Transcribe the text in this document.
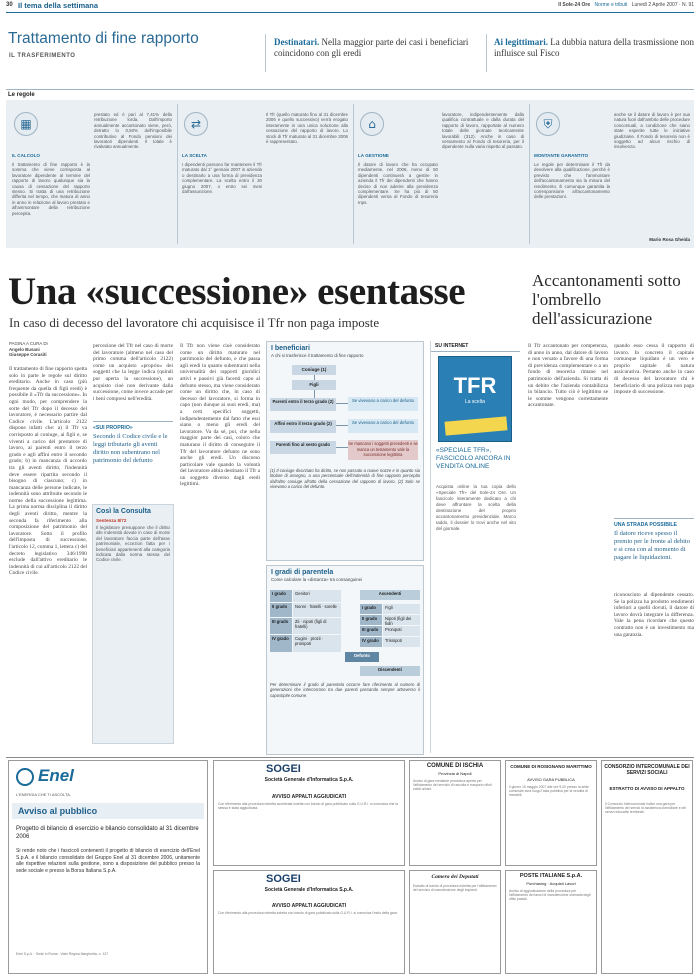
30 Il tema della settimana	Il Sole-24 Ore Norme e tributi Lunedì 2 Aprile 2007 · N. 91
Trattamento di fine rapporto
IL TRASFERIMENTO
Destinatari. Nella maggior parte dei casi i beneficiari coincidono con gli eredi
Ai legittimari. La dubbia natura della trasmissione non influisce sul Fisco
Le regole
▦
IL CALCOLO
Il trattamento di fine rapporto è la somma che viene corrisposta al lavoratore dipendente al termine del rapporto di lavoro qualunque sia la causa di cessazione del rapporto stesso. Si tratta di una retribuzione differita nel tempo, che matura di anno in anno in relazione al lavoro prestato e all'ammontare della retribuzione percepita.
prestato ed è pari al 7,41% della retribuzione lorda. Dall'importo annualmente accantonato viene, però, detratto lo 0,50% dell'imponibile contributivo al Fondo pensioni dei lavoratori dipendenti. Il totale è rivalutato annualmente.
⇄
LA SCELTA
I dipendenti possono far mantenere il Tfr maturato dal 1° gennaio 2007 in azienda o destinarlo a una forma di previdenza complementare. La scelta entro il 30 giugno 2007, o entro sei mesi dall'assunzione.
Il Tfr (quello maturato fino al 31 dicembre 2006 e quello successivo) verrà erogato interamente in una unica soluzione alla cessazione del rapporto di lavoro. Lo stock di Tfr maturato al 31 dicembre 2006 è rappresentato.
⌂
LA GESTIONE
Il datore di lavoro che ha occupato mediamente, nel 2006, meno di 50 dipendenti continuerà a gestire in azienda il Tfr dei dipendenti che hanno deciso di non aderire alla previdenza complementare. Se ha più di 50 dipendenti versa al Fondo di tesoreria Inps.
lavoratore, indipendentemente dalla qualifica contrattuale e dalla durata del rapporto di lavoro, rapportate al numero totale delle giornate teoricamente lavorabili (312). Anche in caso di versamento al Fondo di tesoreria, per il dipendente nulla varia rispetto al passato.
⛨
MONTANTE GARANTITO
Le regole per determinare il Tfr da devolvere alla qualificazione, perché è previsto che l'ammontare dell'accantonamento sia la misura del rendimento. È comunque garantita la corresponsione all'accantonamento delle prestazioni.
anche se il datore di lavoro è per sua natura fuori dall'ambito delle procedure concorsuali, a condizione che siano state esperite tutte le iniziative giudiziarie. Il Fondo di tesoreria non è soggetto ad alcun rischio di insolvenza.
Mario Rosa Gheida
Una «successione» esentasse
In caso di decesso del lavoratore chi acquisisce il Tfr non paga imposte
Accantonamenti sotto l'ombrello dell'assicurazione
PAGINA A CURA DI
Angelo Busani
Giuseppe Corasiti
Il trattamento di fine rapporto spetta solo in parte le regole sul diritto ereditario. Anche in caso (più frequente da quella di figli eredi) è possibile il «Tfr da successione». In ogni modo, per comprendere la sorte del Tfr dopo il decesso del lavoratore, è necessario partire dal Codice civile. L'articolo 2122 dispone infatti che: a) il Tfr va corrisposto al coniuge, ai figli e, se viventi a carico del prestatore di lavoro, ai parenti entro il terzo grado e agli affini entro il secondo grado; b) in mancanza di accordo tra gli aventi diritto, l'indennità deve essere ripartita secondo il bisogno di ciascuno; c) in mancanza delle persone indicate, le indennità sono attribuite secondo le norme della successione legittima. La prima norma disciplina il diritto degli aventi diritto, mentre la seconda fa riferimento alla composizione del patrimonio del lavoratore. Sotto il profilo dell'imposta di successione, l'articolo 12, comma 1, lettera c) del decreto legislativo 346/1990 esclude dall'attivo ereditario le indennità di cui all'articolo 2122 del Codice civile.
percezione del Tfr nel caso di morte del lavoratore (almeno nel caso del primo comma dell'articolo 2122) come un acquisto «proprio» dei soggetti che la legge indica (quindi pur aperta la successione), un acquisto cioè non derivante dalla successione, come invece accade per i beni compresi nell'eredità.
«SUI PROPRIO»
Secondo il Codice civile e le leggi tributarie gli aventi diritto non subentrano nel patrimonio del defunto
Così la Consulta
Sentenza 8/72
Il legislatore presuppone che il diritto alle indennità dovute in caso di morte del lavoratore faccia parte dell'asse patrimoniale, eccezion fatta per i beneficiari appartenenti alla categoria indicata dalla norma stessa del Codice civile.
Il Tfr non viene cioè considerato come un diritto maturato nel patrimonio del defunto, e che passa agli eredi in quanto subentranti nella universalità dei rapporti giuridici attivi e passivi già facenti capo al defunto stesso, ma viene considerato come un diritto che, in caso di decesso del lavoratore, si forma in capo (non dunque ai suoi eredi, ma) a certi specifici soggetti, indipendentemente dal fatto che essi siano o meno gli eredi del lavoratore. Va da sé, poi, che nella maggior parte dei casi, coloro che maturano il diritto di conseguire il Tfr del lavoratore defunto ne sono anche gli eredi. Un discorso particolare vale quando la volontà del lavoratore abbia destinato il Tfr a un soggetto diverso dagli eredi legittimi.
I beneficiari
A chi si trasferisce il trattamento di fine rapporto
Coniuge (1)
Figli
Parenti entro il terzo grado (2)
Affini entro il terzo grado (2)
Parenti fino al sesto grado
Se vivevano a carico del defunto
Se vivevano a carico del defunto
Se mancano i soggetti precedenti e se manca un testamento vale la successione legittima
(1) Il coniuge divorziato ha diritto, se non passato a nuove nozze e in quanto sia titolare di assegno, a una percentuale dell'indennità di fine rapporto percepita dall'altro coniuge all'atto della cessazione del rapporto di lavoro. (2) Solo se vivevano a carico del defunto.
I gradi di parentela
Come calcolare la «distanza» tra consanguinei
I grado	Genitori
II grado	Nonni · fratelli · sorelle
III grado	Zii · nipoti (figli di fratelli)
IV grado	Cugini · prozii · pronipoti
Ascendenti
I grado	Figli
II grado	Nipoti (figli dei figli)
III grado	Pronipoti
IV grado	Trisnipoti
Defunto
Discendenti
Per determinare il grado di parentela occorre fare riferimento al numero di generazioni che intercorrono tra due parenti passando sempre attraverso il capostipite comune.
SU INTERNET
TFR
La scelta
«SPECIALE TFR», FASCICOLO ANCORA IN VENDITA ONLINE
Acquista online la tua copia dello «Speciale Tfr» del Sole-24 Ore. Un fascicolo interamente dedicato a chi deve affrontare la scelta della destinazione del proprio accantonamento previdenziale. Marco Iaddo, il dossier lo trovi anche nel sito del giornale.
Il Tfr accantonato per competenza, di anno in anno, dal datore di lavoro e non versato a favore di una forma di previdenza complementare o a un fondo di tesoreria rimane nel patrimonio dell'azienda. Si tratta di un debito che l'azienda contabilizza in bilancio. Tutto ciò è legittimo se le somme vengono correttamente accantonate.
quando esso cessa il rapporto di lavoro. In concreto il capitale comunque liquidato è un vero e proprio capitale di natura assicurativa. Pertanto anche in caso di decesso del lavoratore chi è beneficiario di una polizza non paga imposte di successione.
UNA STRADA POSSIBILE
Il datore riceve spesso il premio per le fronte al debito e si crea con al momento di pagare le liquidazioni.
riconosciuto al dipendente cessato. Se la polizza ha prodotto rendimenti inferiori a quelli dovuti, il datore di lavoro dovrà integrare la differenza. Vale la pena ricordare che questo contratto non è un investimento ma una garanzia.
Enel
L'ENERGIA CHE TI ASCOLTA.
Avviso al pubblico
Progetto di bilancio di esercizio e bilancio consolidato al 31 dicembre 2006
Si rende noto che i fascicoli contenenti il progetto di bilancio di esercizio dell'Enel S.p.A. e il bilancio consolidato del Gruppo Enel al 31 dicembre 2006, unitamente alle rispettive relazioni sulla gestione, sono a disposizione del pubblico presso la sede sociale e presso la Borsa Italiana S.p.A.
Enel S.p.A. · Sede in Roma · Viale Regina Margherita, n. 137
SOGEI
Società Generale d'Informatica S.p.A.
AVVISO APPALTI AGGIUDICATI
Con riferimento alla procedura ristretta accelerata indetta con bando di gara pubblicato sulla G.U.R.I. si comunica che la stessa è stata aggiudicata.
SOGEI
Società Generale d'Informatica S.p.A.
AVVISO APPALTI AGGIUDICATI
Con riferimento alla procedura ristretta indetta con bando di gara pubblicato sulla G.U.R.I. si comunica l'esito della gara.
COMUNE DI ISCHIA
Provincia di Napoli
Avviso di gara mediante procedura aperta per l'affidamento del servizio di raccolta e trasporto rifiuti solidi urbani.
Camera dei Deputati
Estratto di bando di procedura ristretta per l'affidamento del servizio di manutenzione degli impianti.
COMUNE DI ROSIGNANO MARITTIMO
AVVISO GARA PUBBLICA
Il giorno 15 maggio 2007 alle ore 9,00 presso la sede comunale avrà luogo l'asta pubblica per la vendita di immobili.
POSTE ITALIANE S.p.A.
Purchasing · Acquisti Lavori
Avviso di aggiudicazione della procedura per l'affidamento dei lavori di manutenzione ordinaria degli uffici postali.
CONSORZIO INTERCOMUNALE DEI SERVIZI SOCIALI
ESTRATTO DI AVVISO DI APPALTO
Il Consorzio Intercomunale indice una gara per l'affidamento dei servizi di assistenza domiciliare e dei servizi educativi territoriali.
